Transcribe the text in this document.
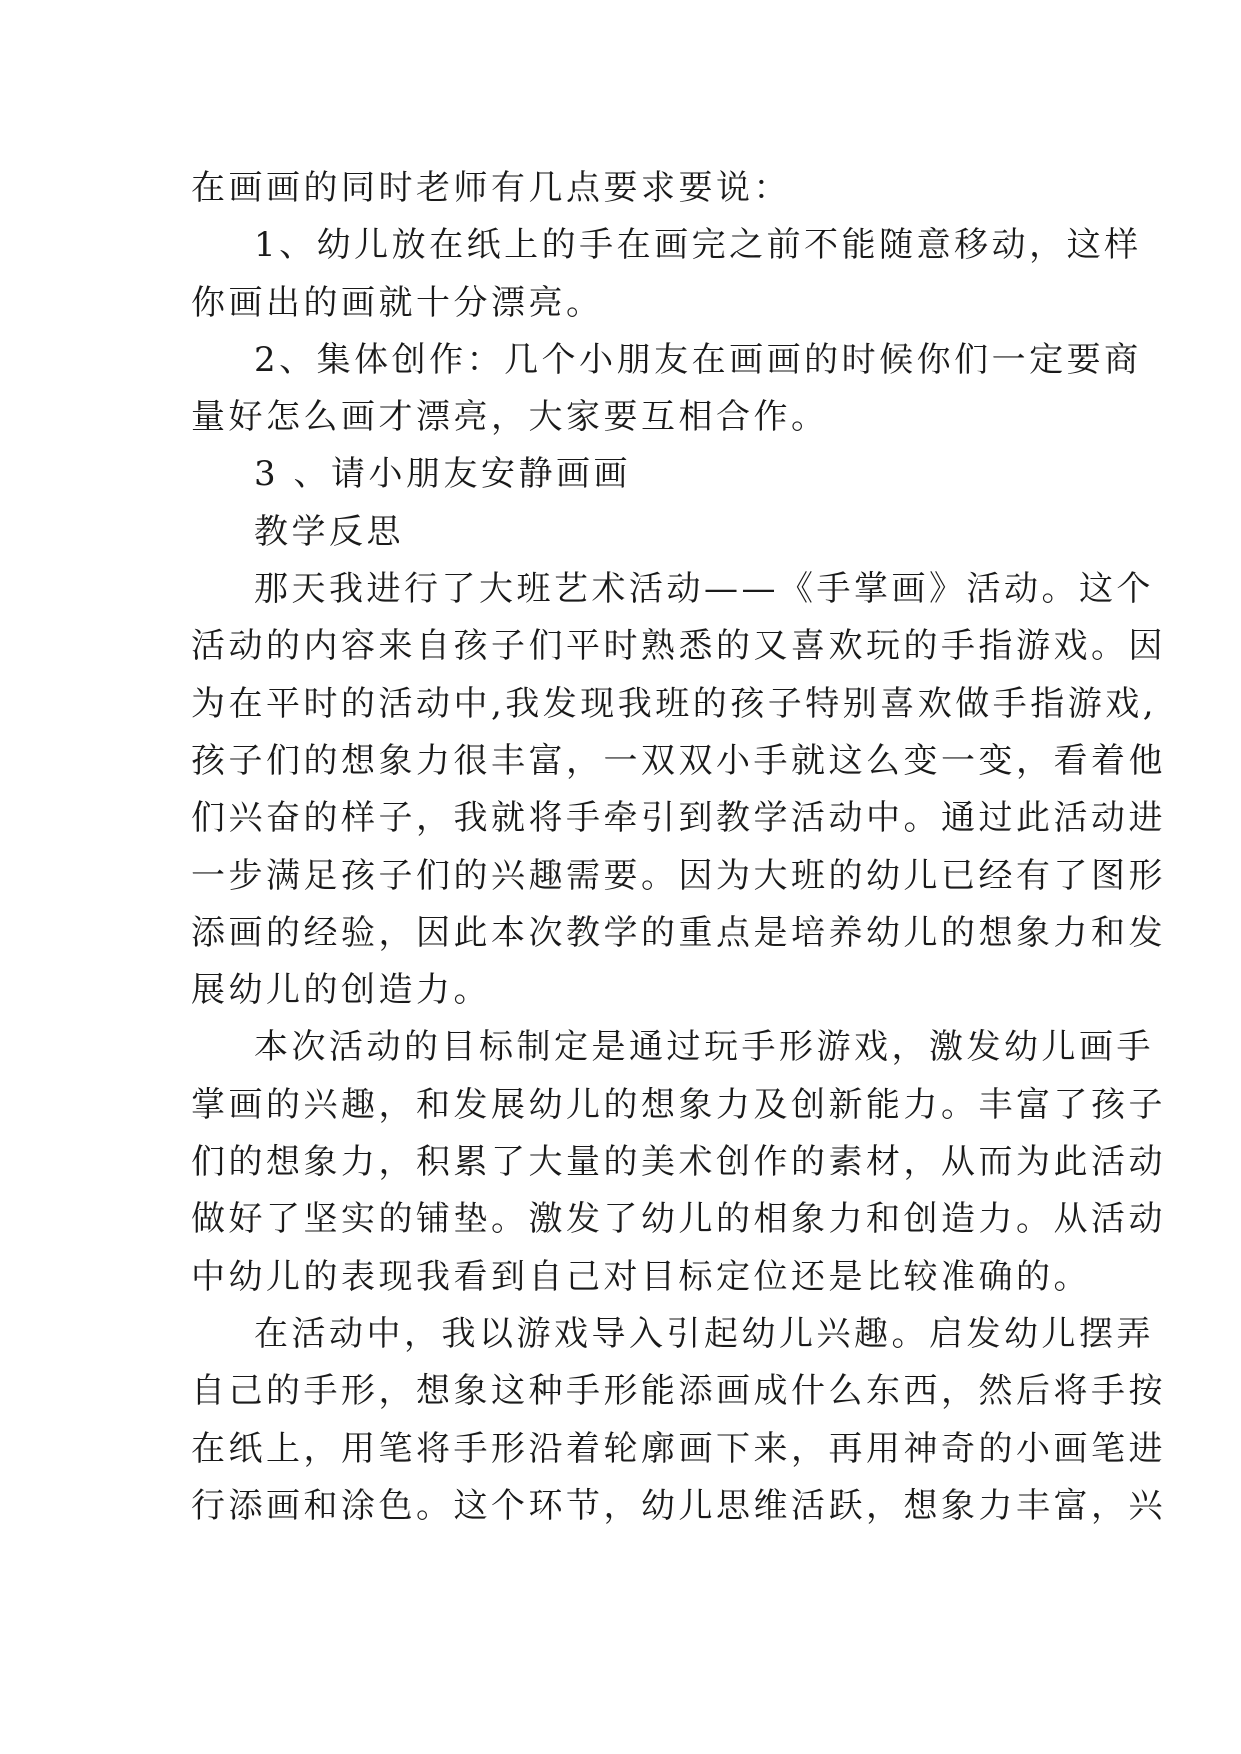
在画画的同时老师有几点要求要说：
1、幼儿放在纸上的手在画完之前不能随意移动，这样
你画出的画就十分漂亮。
2、集体创作：几个小朋友在画画的时候你们一定要商
量好怎么画才漂亮，大家要互相合作。
3 、请小朋友安静画画
教学反思
那天我进行了大班艺术活动——《手掌画》活动。这个
活动的内容来自孩子们平时熟悉的又喜欢玩的手指游戏。因
为在平时的活动中,我发现我班的孩子特别喜欢做手指游戏,
孩子们的想象力很丰富，一双双小手就这么变一变，看着他
们兴奋的样子，我就将手牵引到教学活动中。通过此活动进
一步满足孩子们的兴趣需要。因为大班的幼儿已经有了图形
添画的经验，因此本次教学的重点是培养幼儿的想象力和发
展幼儿的创造力。
本次活动的目标制定是通过玩手形游戏，激发幼儿画手
掌画的兴趣，和发展幼儿的想象力及创新能力。丰富了孩子
们的想象力，积累了大量的美术创作的素材，从而为此活动
做好了坚实的铺垫。激发了幼儿的相象力和创造力。从活动
中幼儿的表现我看到自己对目标定位还是比较准确的。
在活动中，我以游戏导入引起幼儿兴趣。启发幼儿摆弄
自己的手形，想象这种手形能添画成什么东西，然后将手按
在纸上，用笔将手形沿着轮廓画下来，再用神奇的小画笔进
行添画和涂色。这个环节，幼儿思维活跃，想象力丰富，兴
